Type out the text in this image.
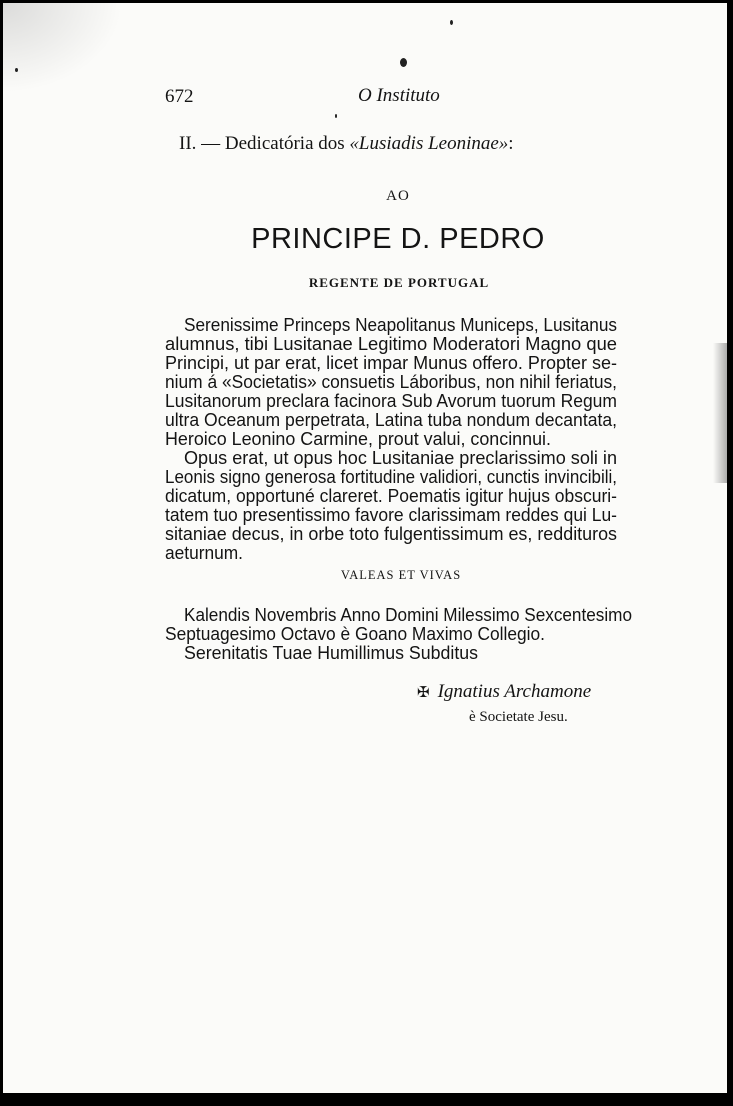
672	O Instituto
II. — Dedicatória dos «Lusiadis Leoninae»:
AO
PRINCIPE D. PEDRO
REGENTE DE PORTUGAL
Serenissime Princeps Neapolitanus Municeps, Lusitanus
alumnus, tibi Lusitanae Legitimo Moderatori Magno que
Principi, ut par erat, licet impar Munus offero. Propter se-
nium á «Societatis» consuetis Láboribus, non nihil feriatus,
Lusitanorum preclara facinora Sub Avorum tuorum Regum
ultra Oceanum perpetrata, Latina tuba nondum decantata,
Heroico Leonino Carmine, prout valui, concinnui.
Opus erat, ut opus hoc Lusitaniae preclarissimo soli in
Leonis signo generosa fortitudine validiori, cunctis invincibili,
dicatum, opportuné clareret. Poematis igitur hujus obscuri-
tatem tuo presentissimo favore clarissimam reddes qui Lu-
sitaniae decus, in orbe toto fulgentissimum es, reddituros
aeturnum.
VALEAS ET VIVAS
Kalendis Novembris Anno Domini Milessimo Sexcentesimo
Septuagesimo Octavo è Goano Maximo Collegio.
Serenitatis Tuae Humillimus Subditus
✠ Ignatius Archamone
è Societate Jesu.
